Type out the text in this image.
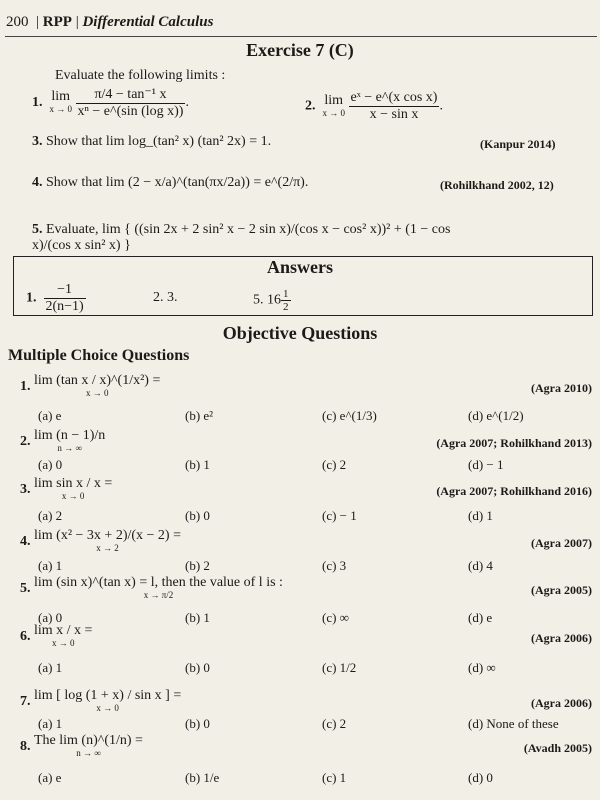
200  | RPP | Differential Calculus
Exercise 7 (C)
Evaluate the following limits :
1. lim
x → 0
$\frac{\text{π/4 − tan⁻¹ x}}{\text{xⁿ − e\textasciicircum{}(sin (log x))}}$ .	2. lim
x → 0
$\frac{\text{eˣ − e\textasciicircum{}(x cos x)}}{\text{x − sin x}}$ .
3. Show that lim log_(tan² x) (tan² 2x) = 1.	(Kanpur 2014)
4. Show that lim (2 − x/a)^(tan(πx/2a)) = e^(2/π).	(Rohilkhand 2002, 12)
5. Evaluate, lim { ((sin 2x + 2 sin² x − 2 sin x)/(cos x − cos² x))² + (1 − cos x)/(cos x sin² x) }
Answers
1. $\frac{-1}{2(n-1)}$	2. 3.	5. $16 \frac{1}{2}$
Objective Questions
Multiple Choice Questions
1. lim (tan x / x)^(1/x²) =
x → 0	(Agra 2010)
(a) e	(b) e²	(c) e^(1/3)	(d) e^(1/2)
2. lim (n − 1)/n
n → ∞	(Agra 2007; Rohilkhand 2013)
(a) 0	(b) 1	(c) 2	(d) − 1
3. lim sin x / x =
x → 0	(Agra 2007; Rohilkhand 2016)
(a) 2	(b) 0	(c) − 1	(d) 1
4. lim (x² − 3x + 2)/(x − 2) =
x → 2	(Agra 2007)
(a) 1	(b) 2	(c) 3	(d) 4
5. lim (sin x)^(tan x) = l, then the value of l is :
x → π/2	(Agra 2005)
(a) 0	(b) 1	(c) ∞	(d) e
6. lim x / x =
x → 0	(Agra 2006)
(a) 1	(b) 0	(c) 1/2	(d) ∞
7. lim [ log (1 + x) / sin x ] =
x → 0	(Agra 2006)
(a) 1	(b) 0	(c) 2	(d) None of these
8. The lim (n)^(1/n) =
n → ∞	(Avadh 2005)
(a) e	(b) 1/e	(c) 1	(d) 0
